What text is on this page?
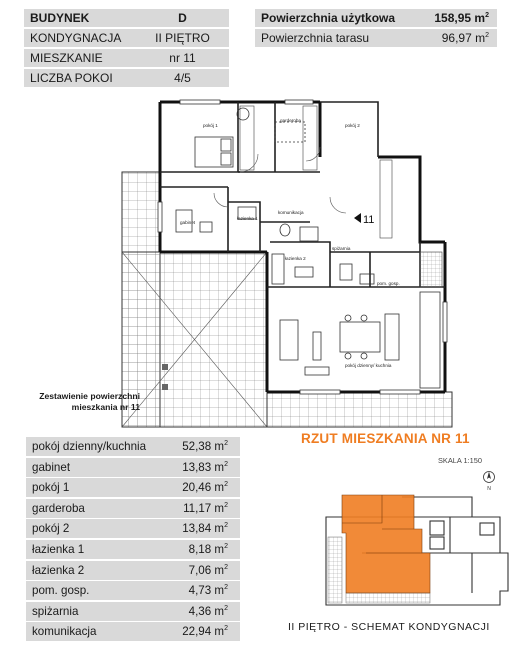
BUDYNEK	D
KONDYGNACJA	II PIĘTRO
MIESZKANIE	nr 11
LICZBA POKOI	4/5
Powierzchnia użytkowa	158,95 $m^2$
Powierzchnia tarasu	96,97 $m^2$
11
pokój 1
garderoba
pokój 2
gabinet
łazienka 1
komunikacja
łazienka 2
spiżarnia
pom. gosp.
pokój dzienny/ kuchnia
Zestawienie powierzchni mieszkania nr 11
pokój dzienny/kuchnia	52,38 $m^2$
gabinet	13,83 $m^2$
pokój 1	20,46 $m^2$
garderoba	11,17 $m^2$
pokój 2	13,84 $m^2$
łazienka 1	8,18 $m^2$
łazienka 2	7,06 $m^2$
pom. gosp.	4,73 $m^2$
spiżarnia	4,36 $m^2$
komunikacja	22,94 $m^2$
RZUT MIESZKANIA NR 11
SKALA 1:150
N
II PIĘTRO - SCHEMAT KONDYGNACJI
